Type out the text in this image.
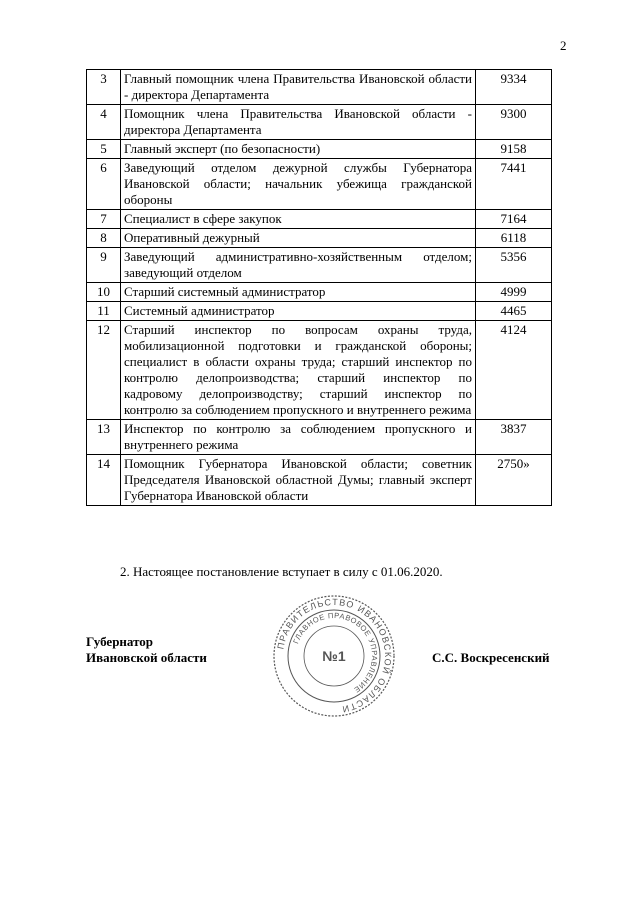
2
3	Главный помощник члена Правительства Ивановской области - директора Департамента	9334
4	Помощник члена Правительства Ивановской области - директора Департамента	9300
5	Главный эксперт (по безопасности)	9158
6	Заведующий отделом дежурной службы Губернатора Ивановской области; начальник убежища гражданской обороны	7441
7	Специалист в сфере закупок	7164
8	Оперативный дежурный	6118
9	Заведующий административно-хозяйственным отделом; заведующий отделом	5356
10	Старший системный администратор	4999
11	Системный администратор	4465
12	Старший инспектор по вопросам охраны труда, мобилизационной подготовки и гражданской обороны; специалист в области охраны труда; старший инспектор по контролю делопроизводства; старший инспектор по кадровому делопроизводству; старший инспектор по контролю за соблюдением пропускного и внутреннего режима	4124
13	Инспектор по контролю за соблюдением пропускного и внутреннего режима	3837
14	Помощник Губернатора Ивановской области; советник Председателя Ивановской областной Думы; главный эксперт Губернатора Ивановской области	2750»
2. Настоящее постановление вступает в силу с 01.06.2020.
Губернатор
Ивановской области
ПРАВИТЕЛЬСТВО ИВАНОВСКОЙ ОБЛАСТИ
ГЛАВНОЕ ПРАВОВОЕ УПРАВЛЕНИЕ
№1	С.С. Воскресенский
